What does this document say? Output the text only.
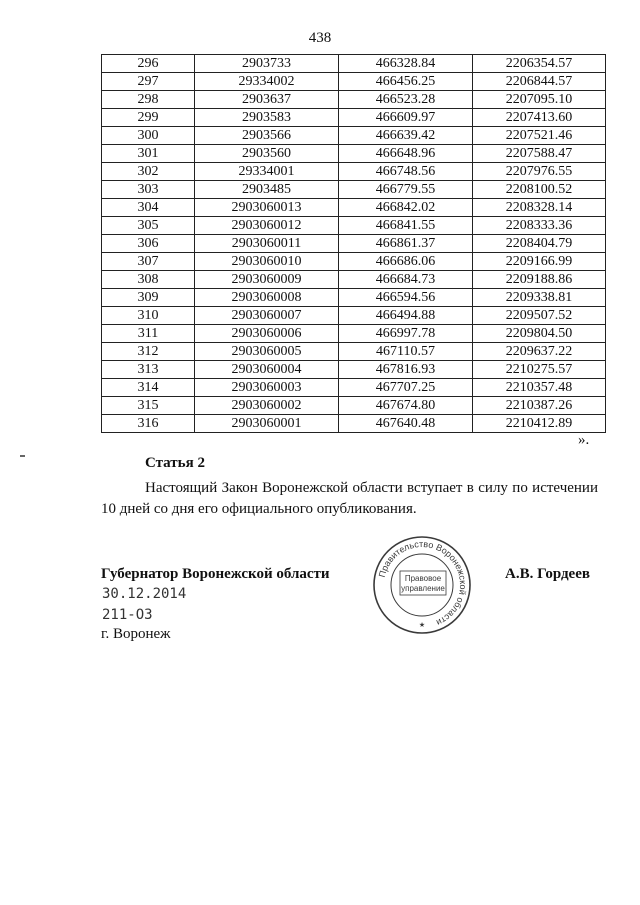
438
296	2903733	466328.84	2206354.57
297	29334002	466456.25	2206844.57
298	2903637	466523.28	2207095.10
299	2903583	466609.97	2207413.60
300	2903566	466639.42	2207521.46
301	2903560	466648.96	2207588.47
302	29334001	466748.56	2207976.55
303	2903485	466779.55	2208100.52
304	2903060013	466842.02	2208328.14
305	2903060012	466841.55	2208333.36
306	2903060011	466861.37	2208404.79
307	2903060010	466686.06	2209166.99
308	2903060009	466684.73	2209188.86
309	2903060008	466594.56	2209338.81
310	2903060007	466494.88	2209507.52
311	2903060006	466997.78	2209804.50
312	2903060005	467110.57	2209637.22
313	2903060004	467816.93	2210275.57
314	2903060003	467707.25	2210357.48
315	2903060002	467674.80	2210387.26
316	2903060001	467640.48	2210412.89
».
Статья 2
Настоящий Закон Воронежской области вступает в силу по истечении 10 дней со дня его официального опубликования.
Губернатор Воронежской области
30.12.2014
211-ОЗ
г. Воронеж
А.В. Гордеев
Правительство Воронежской области
Правовое
управление
★
